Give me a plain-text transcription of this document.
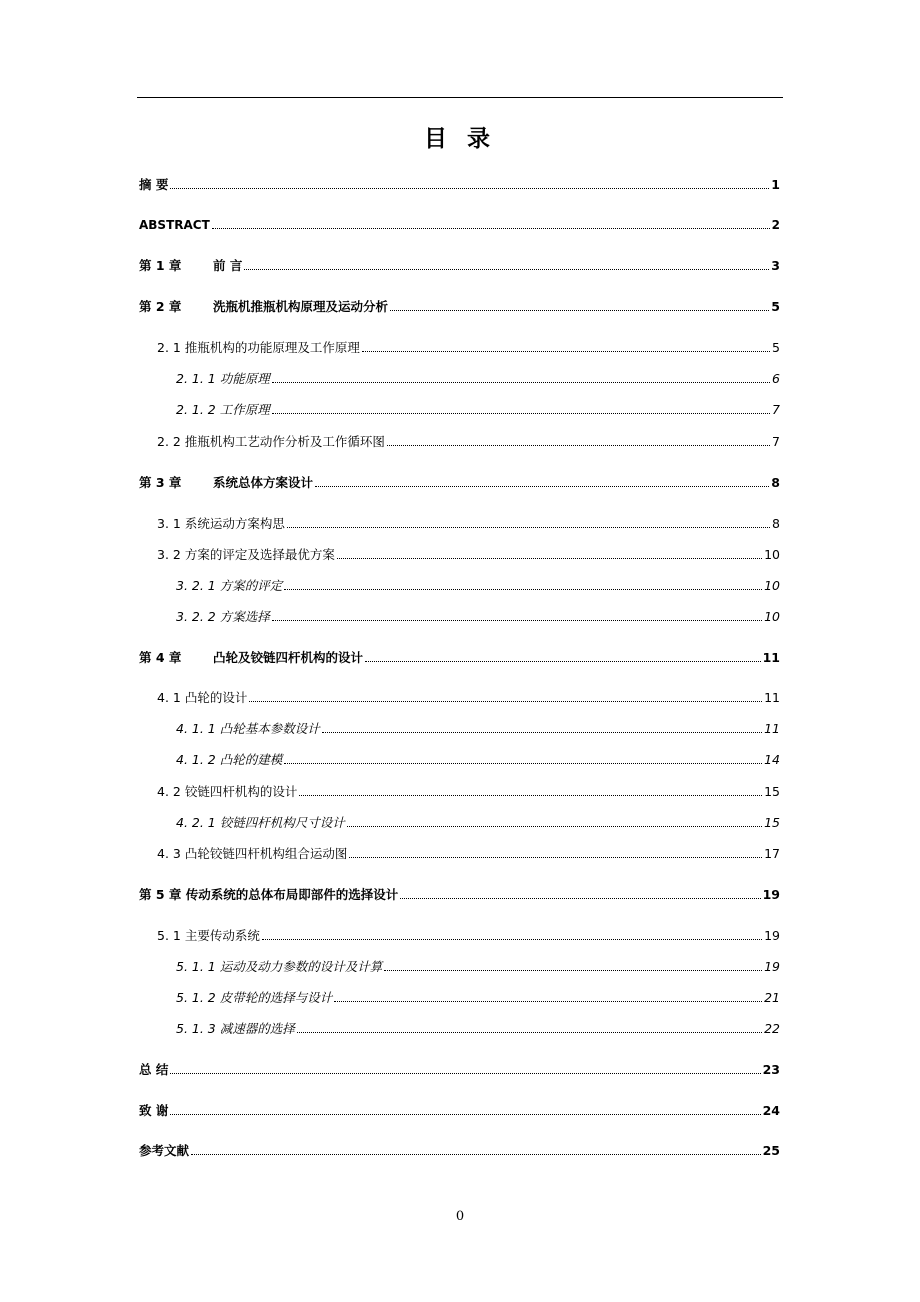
目 录
摘 要	1
ABSTRACT	2
第 1 章	前 言	3
第 2 章	洗瓶机推瓶机构原理及运动分析	5
2. 1 推瓶机构的功能原理及工作原理	5
2. 1. 1 功能原理	6
2. 1. 2 工作原理	7
2. 2 推瓶机构工艺动作分析及工作循环图	7
第 3 章	系统总体方案设计	8
3. 1 系统运动方案构思	8
3. 2 方案的评定及选择最优方案	10
3. 2. 1 方案的评定	10
3. 2. 2 方案选择	10
第 4 章	凸轮及铰链四杆机构的设计	11
4. 1 凸轮的设计	11
4. 1. 1 凸轮基本参数设计	11
4. 1. 2 凸轮的建模	14
4. 2 铰链四杆机构的设计	15
4. 2. 1 铰链四杆机构尺寸设计	15
4. 3 凸轮铰链四杆机构组合运动图	17
第 5 章 传动系统的总体布局即部件的选择设计	19
5. 1 主要传动系统	19
5. 1. 1 运动及动力参数的设计及计算	19
5. 1. 2 皮带轮的选择与设计	21
5. 1. 3 减速器的选择	22
总 结	23
致 谢	24
参考文献	25
0
